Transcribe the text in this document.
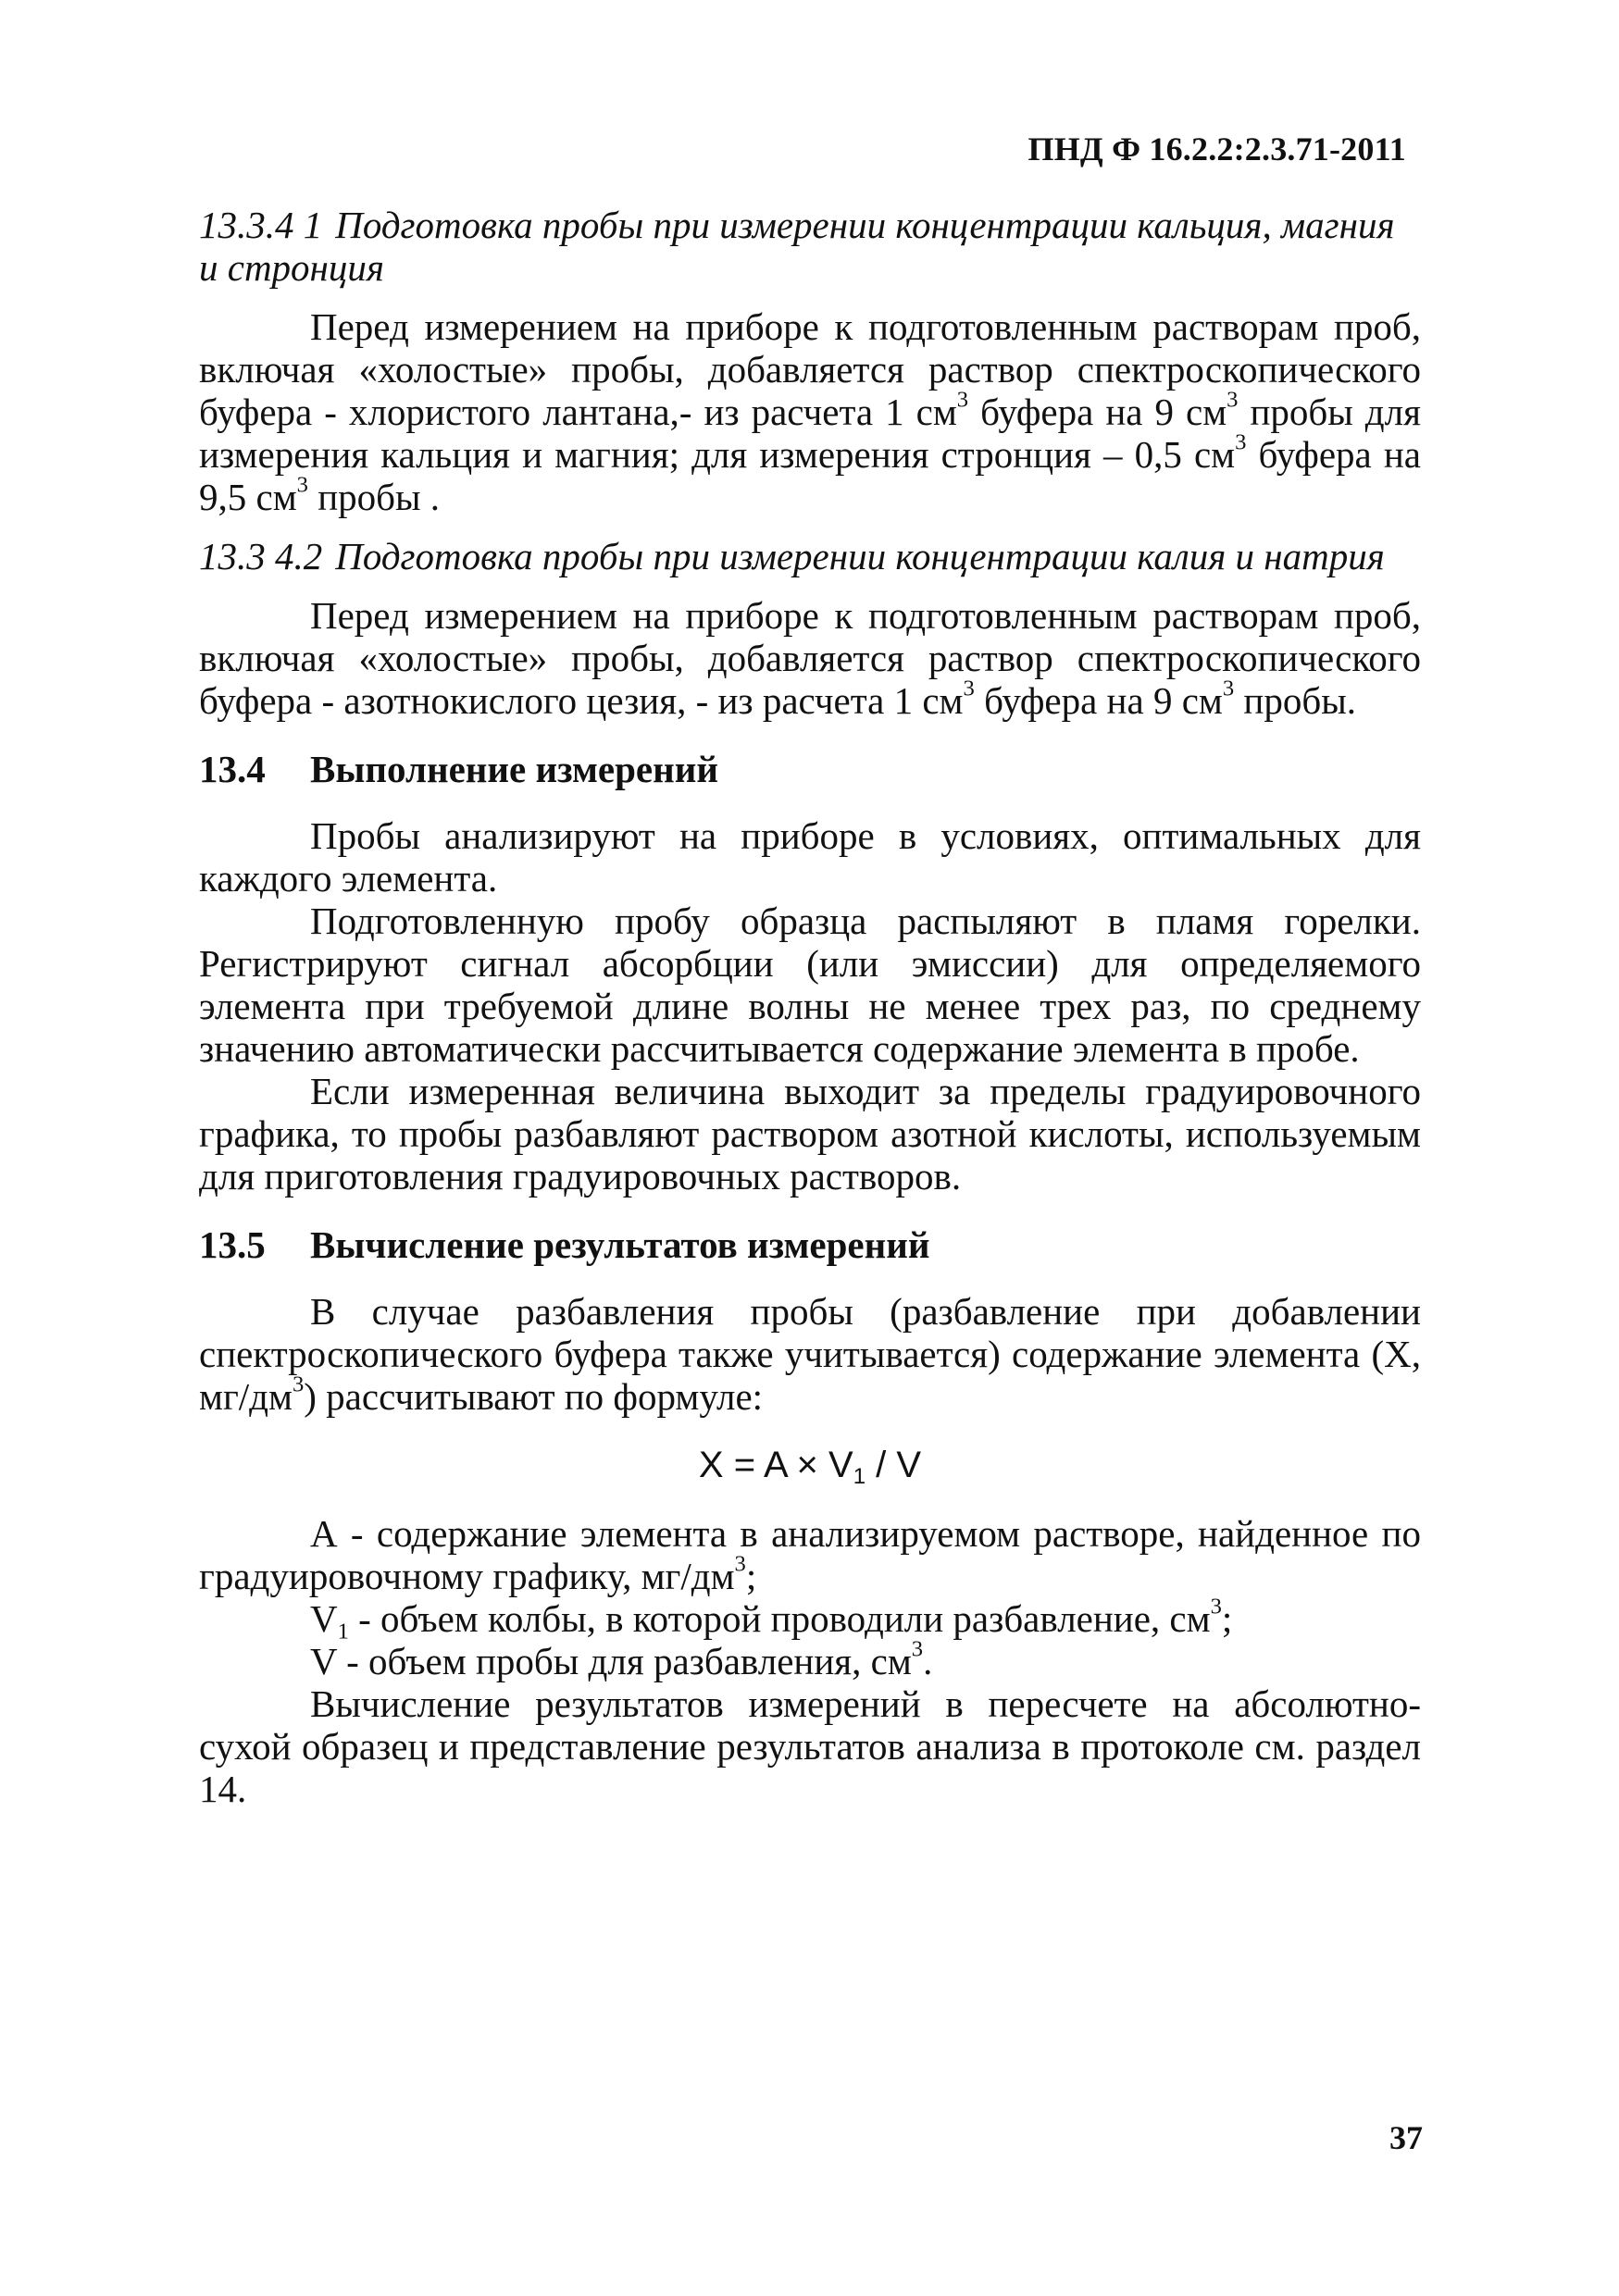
ПНД Ф 16.2.2:2.3.71-2011

13.3.4 1 Подготовка пробы при измерении концентрации кальция, магния и стронция

Перед измерением на приборе к подготовленным растворам проб, включая «холостые» пробы, добавляется раствор спектроскопического буфера - хлористого лантана,- из расчета 1 $см^3$ буфера на 9 $см^3$ пробы для измерения кальция и магния; для измерения стронция – 0,5 $см^3$ буфера на 9,5 $см^3$ пробы .

13.3 4.2 Подготовка пробы при измерении концентрации калия и натрия

Перед измерением на приборе к подготовленным растворам проб, включая «холостые» пробы, добавляется раствор спектроскопического буфера - азотнокислого цезия, - из расчета 1 $см^3$ буфера на 9 $см^3$ пробы.

13.4	Выполнение измерений

Пробы анализируют на приборе в условиях, оптимальных для каждого элемента.

Подготовленную пробу образца распыляют в пламя горелки. Регистрируют сигнал абсорбции (или эмиссии) для определяемого элемента при требуемой длине волны не менее трех раз, по среднему значению автоматически рассчитывается содержание элемента в пробе.

Если измеренная величина выходит за пределы градуировочного графика, то пробы разбавляют раствором азотной кислоты, используемым для приготовления градуировочных растворов.

13.5	Вычисление результатов измерений

В случае разбавления пробы (разбавление при добавлении спектроскопического буфера также учитывается) содержание элемента (X, $мг/дм^3$) рассчитывают по формуле:

$X = A \times V_1 / V$

А - содержание элемента в анализируемом растворе, найденное по градуировочному графику, $мг/дм^3$;

$V_1$ - объем колбы, в которой проводили разбавление, $см^3$;

V - объем пробы для разбавления, $см^3$.

Вычисление результатов измерений в пересчете на абсолютно-сухой образец и представление результатов анализа в протоколе см. раздел 14.

37
